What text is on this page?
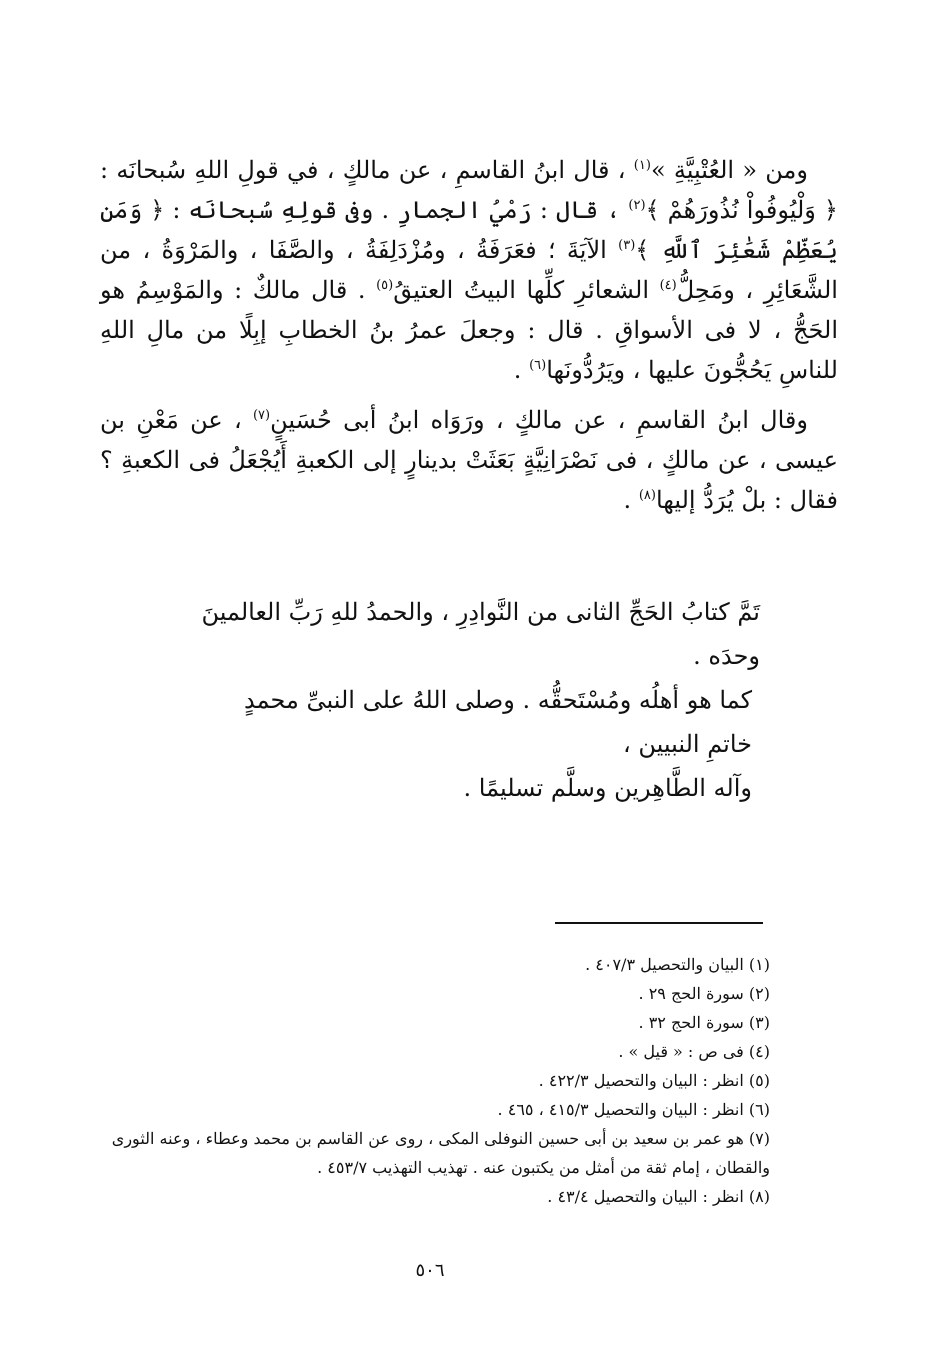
ومن « العُتْبِيَّةِ »$^{(١)}$ ، قال ابنُ القاسمِ ، عن مالكٍ ، في قولِ اللهِ سُبحانَه : ﴿ وَلْيُوفُواْ نُذُورَهُمْ ﴾$^{(٢)}$ ، قال : رَمْيُ الجمارِ . وفى قولِهِ سُبحانَه : ﴿ وَمَن يُعَظِّمْ شَعَٰئِرَ ٱللَّهِ ﴾$^{(٣)}$ الآيَةَ ؛ فعَرَفَةُ ، ومُزْدَلِفَةُ ، والصَّفَا ، والمَرْوَةُ ، من الشَّعَائِرِ ، ومَحِلُّ$^{(٤)}$ الشعائرِ كلِّها البيتُ العتيقُ$^{(٥)}$ . قال مالكٌ : والمَوْسِمُ هو الحَجُّ ، لا فى الأسواقِ . قال : وجعلَ عمرُ بنُ الخطابِ إبِلًا من مالِ اللهِ للناسِ يَحُجُّونَ عليها ، ويَرُدُّونَها$^{(٦)}$ .

وقال ابنُ القاسمِ ، عن مالكٍ ، ورَوَاه ابنُ أبى حُسَينٍ$^{(٧)}$ ، عن مَعْنِ بن عيسى ، عن مالكٍ ، فى نَصْرَانِيَّةٍ بَعَثَتْ بدينارٍ إلى الكعبةِ أَيُجْعَلُ فى الكعبةِ ؟ فقال : بلْ يُرَدُّ إليها$^{(٨)}$ .

تَمَّ كتابُ الحَجِّ الثانى من النَّوادِرِ ، والحمدُ للهِ رَبِّ العالمينَ وحدَه .
كما هو أهلُه ومُسْتَحقُّه . وصلى اللهُ على النبىِّ محمدٍ خاتمِ النبيين ،
وآله الطَّاهِرين وسلَّم تسليمًا .
(١) البيان والتحصيل ٤٠٧/٣ .
(٢) سورة الحج ٢٩ .
(٣) سورة الحج ٣٢ .
(٤) فى ص : « قيل » .
(٥) انظر : البيان والتحصيل ٤٢٢/٣ .
(٦) انظر : البيان والتحصيل ٤١٥/٣ ، ٤٦٥ .
(٧) هو عمر بن سعيد بن أبى حسين النوفلى المكى ، روى عن القاسم بن محمد وعطاء ، وعنه الثورى والقطان ، إمام ثقة من أمثل من يكتبون عنه . تهذيب التهذيب ٤٥٣/٧ .
(٨) انظر : البيان والتحصيل ٤٣/٤ .
٥٠٦
